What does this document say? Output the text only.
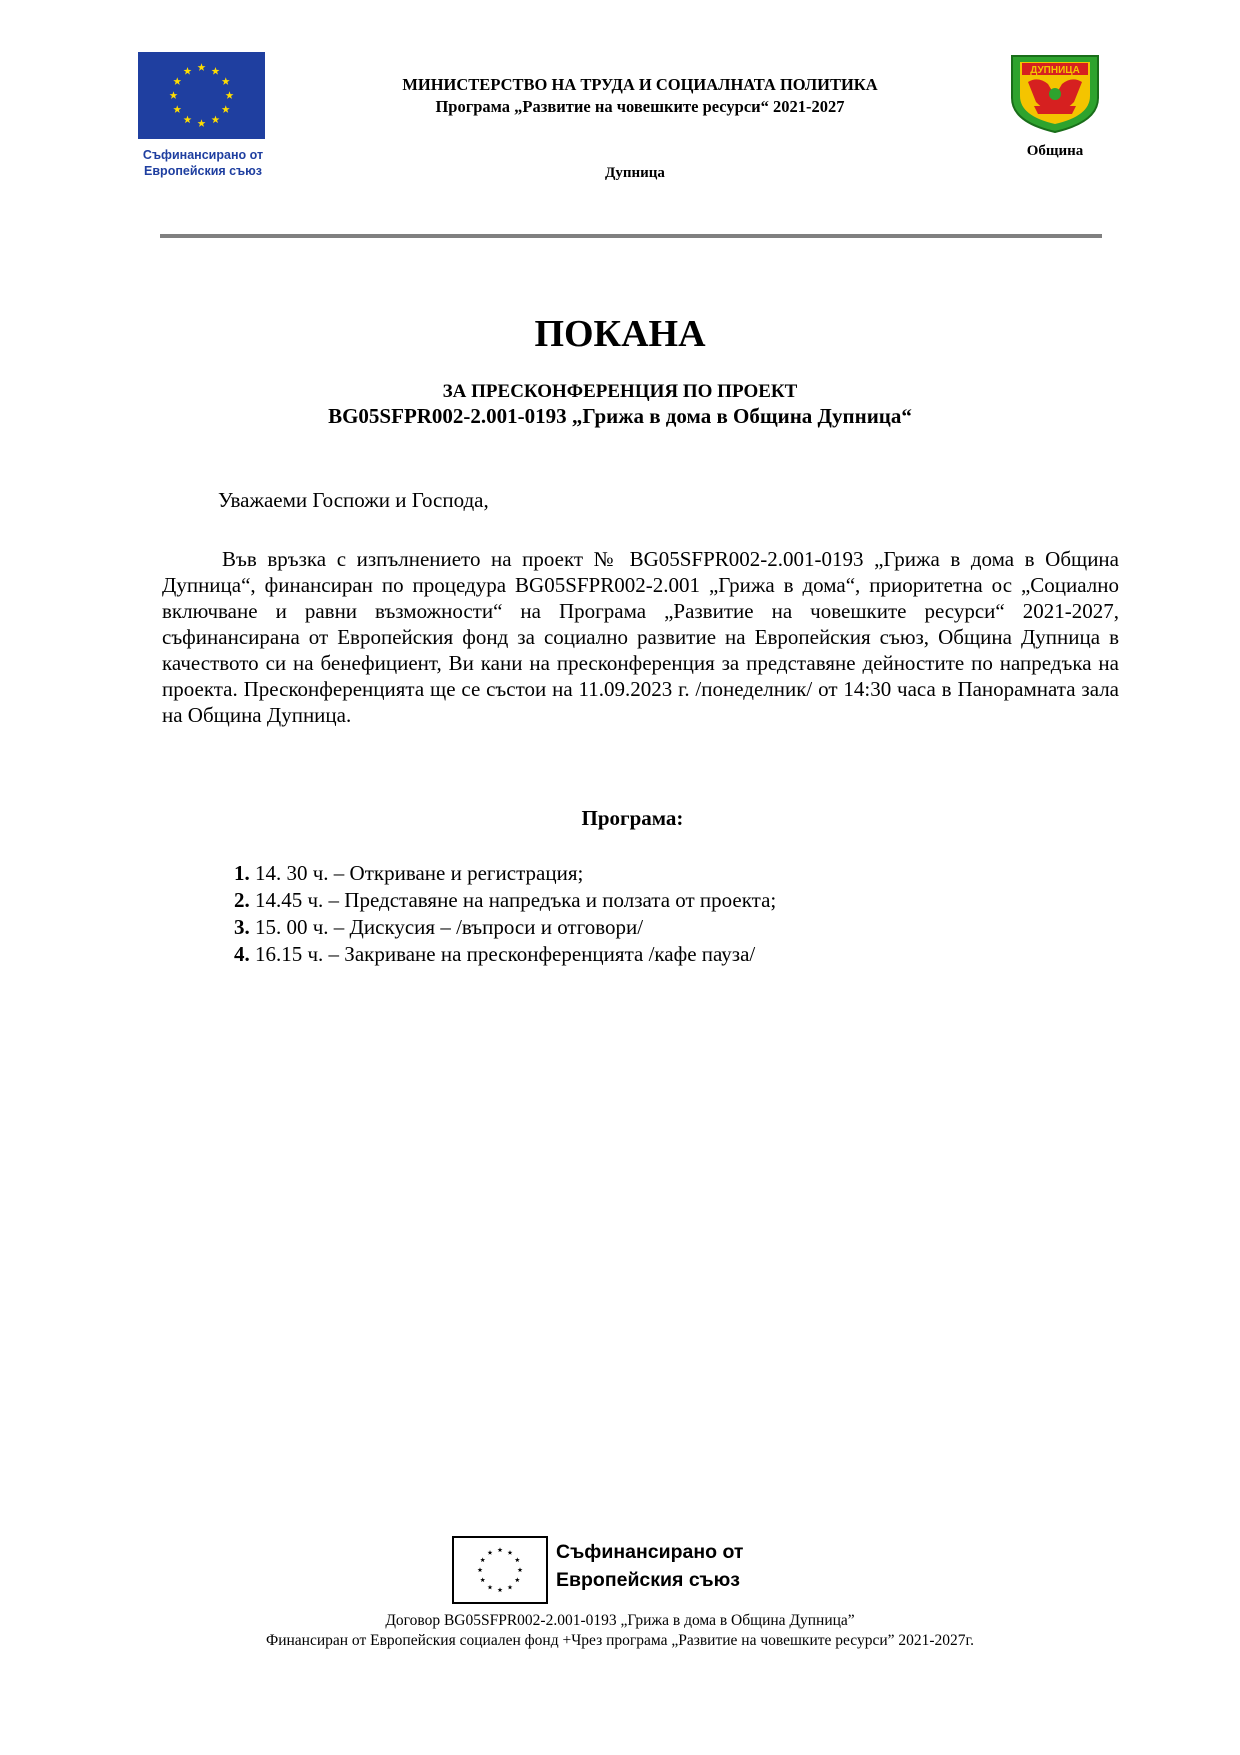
Съфинансирано от
Европейския съюз
МИНИСТЕРСТВО НА ТРУДА И СОЦИАЛНАТА ПОЛИТИКА
Програма „Развитие на човешките ресурси“ 2021-2027
Дупница
ДУПНИЦА
Община
ПОКАНА
ЗА ПРЕСКОНФЕРЕНЦИЯ ПО ПРОЕКТ
BG05SFPR002-2.001-0193 „Грижа в дома в Община Дупница“
Уважаеми Госпожи и Господа,
Във връзка с изпълнението на проект № BG05SFPR002-2.001-0193 „Грижа в дома в Община Дупница“, финансиран по процедура BG05SFPR002-2.001 „Грижа в дома“, приоритетна ос „Социално включване и равни възможности“ на Програма „Развитие на човешките ресурси“ 2021-2027, съфинансирана от Европейския фонд за социално развитие на Европейския съюз, Община Дупница в качеството си на бенефициент, Ви кани на пресконференция за представяне дейностите по напредъка на проекта. Пресконференцията ще се състои на 11.09.2023 г. /понеделник/ от 14:30 часа в Панорамната зала на Община Дупница.
Програма:
1. 14. 30 ч. – Откриване и регистрация;
2. 14.45 ч. – Представяне на напредъка и ползата от проекта;
3. 15. 00 ч. – Дискусия – /въпроси и отговори/
4. 16.15 ч. – Закриване на пресконференцията /кафе пауза/
Съфинансирано от
Европейския съюз
Договор BG05SFPR002-2.001-0193 „Грижа в дома в Община Дупница”
Финансиран от Европейския социален фонд +Чрез програма „Развитие на човешките ресурси” 2021-2027г.
